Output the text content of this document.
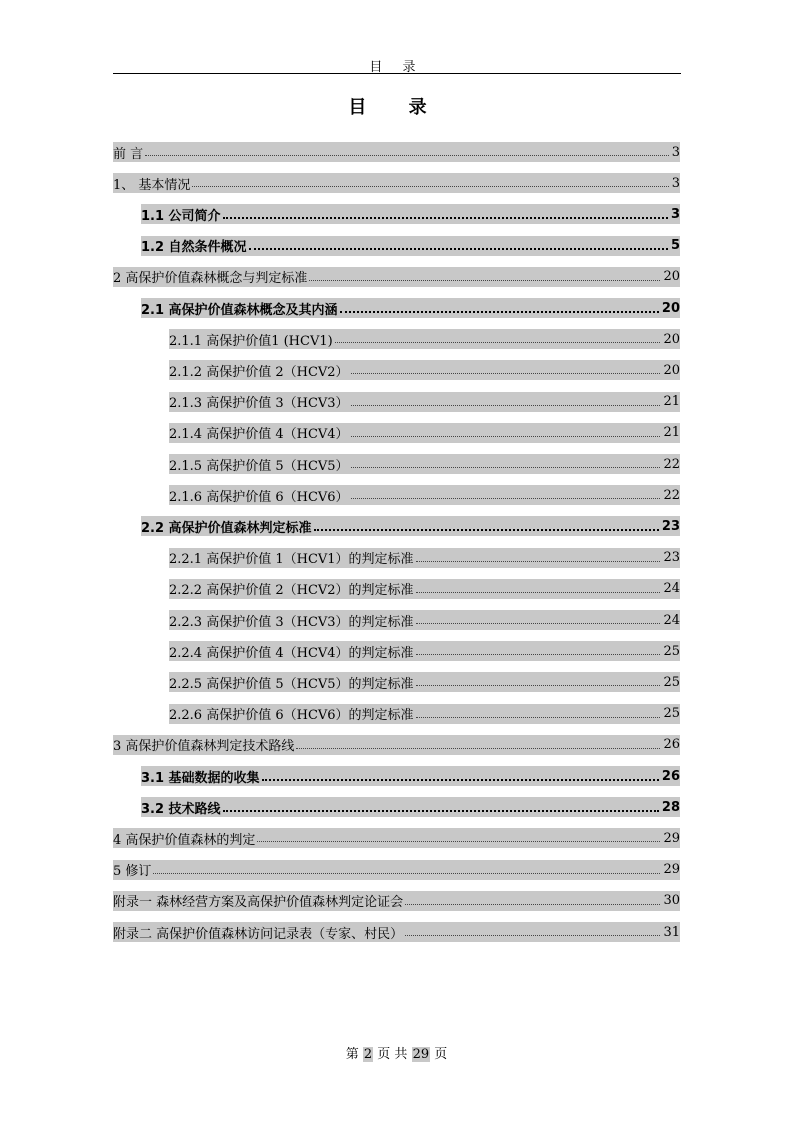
目 录
目 录
前 言	3
1、 基本情况	3
1.1 公司简介	3
1.2 自然条件概况	5
2 高保护价值森林概念与判定标准	20
2.1 高保护价值森林概念及其内涵	20
2.1.1 高保护价值1 (HCV1)	20
2.1.2 高保护价值 2（HCV2）	20
2.1.3 高保护价值 3（HCV3）	21
2.1.4 高保护价值 4（HCV4）	21
2.1.5 高保护价值 5（HCV5）	22
2.1.6 高保护价值 6（HCV6）	22
2.2 高保护价值森林判定标准	23
2.2.1 高保护价值 1（HCV1）的判定标准	23
2.2.2 高保护价值 2（HCV2）的判定标准	24
2.2.3 高保护价值 3（HCV3）的判定标准	24
2.2.4 高保护价值 4（HCV4）的判定标准	25
2.2.5 高保护价值 5（HCV5）的判定标准	25
2.2.6 高保护价值 6（HCV6）的判定标准	25
3 高保护价值森林判定技术路线	26
3.1 基础数据的收集	26
3.2 技术路线	28
4 高保护价值森林的判定	29
5 修订	29
附录一 森林经营方案及高保护价值森林判定论证会	30
附录二 高保护价值森林访问记录表（专家、村民）	31
第 2 页 共 29 页
